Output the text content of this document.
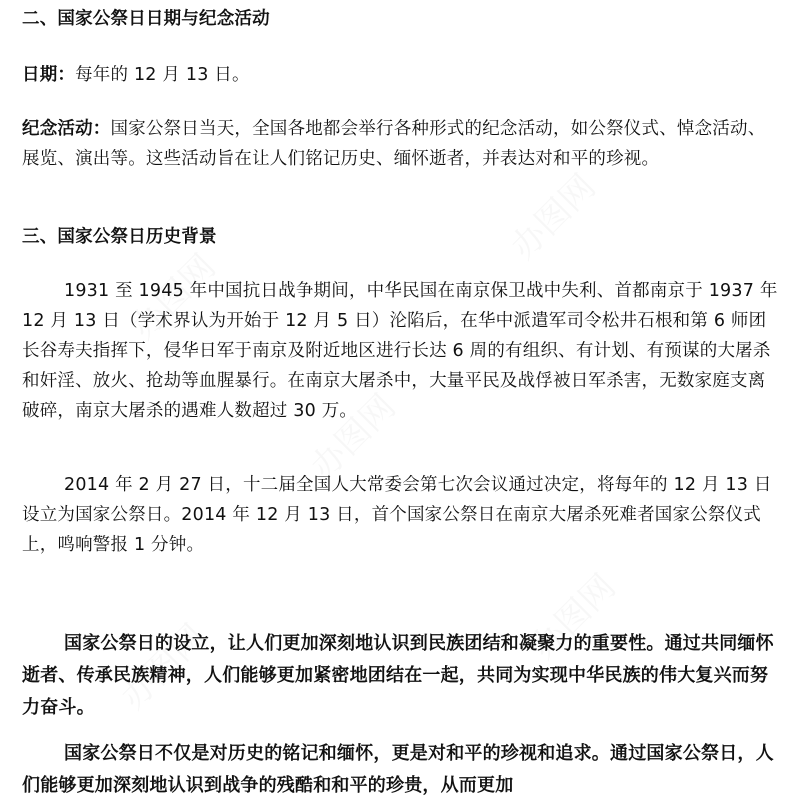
办图网
办图网
办图网
办图网
办图网
二、国家公祭日日期与纪念活动
日期：每年的 12 月 13 日。
纪念活动：国家公祭日当天，全国各地都会举行各种形式的纪念活动，如公祭仪式、悼念活动、展览、演出等。这些活动旨在让人们铭记历史、缅怀逝者，并表达对和平的珍视。
三、国家公祭日历史背景
1931 至 1945 年中国抗日战争期间，中华民国在南京保卫战中失利、首都南京于 1937 年 12 月 13 日（学术界认为开始于 12 月 5 日）沦陷后，在华中派遣军司令松井石根和第 6 师团长谷寿夫指挥下，侵华日军于南京及附近地区进行长达 6 周的有组织、有计划、有预谋的大屠杀和奸淫、放火、抢劫等血腥暴行。在南京大屠杀中，大量平民及战俘被日军杀害，无数家庭支离破碎，南京大屠杀的遇难人数超过 30 万。
2014 年 2 月 27 日，十二届全国人大常委会第七次会议通过决定，将每年的 12 月 13 日设立为国家公祭日。2014 年 12 月 13 日，首个国家公祭日在南京大屠杀死难者国家公祭仪式上，鸣响警报 1 分钟。
国家公祭日的设立，让人们更加深刻地认识到民族团结和凝聚力的重要性。通过共同缅怀逝者、传承民族精神，人们能够更加紧密地团结在一起，共同为实现中华民族的伟大复兴而努力奋斗。
国家公祭日不仅是对历史的铭记和缅怀，更是对和平的珍视和追求。通过国家公祭日，人们能够更加深刻地认识到战争的残酷和和平的珍贵，从而更加
